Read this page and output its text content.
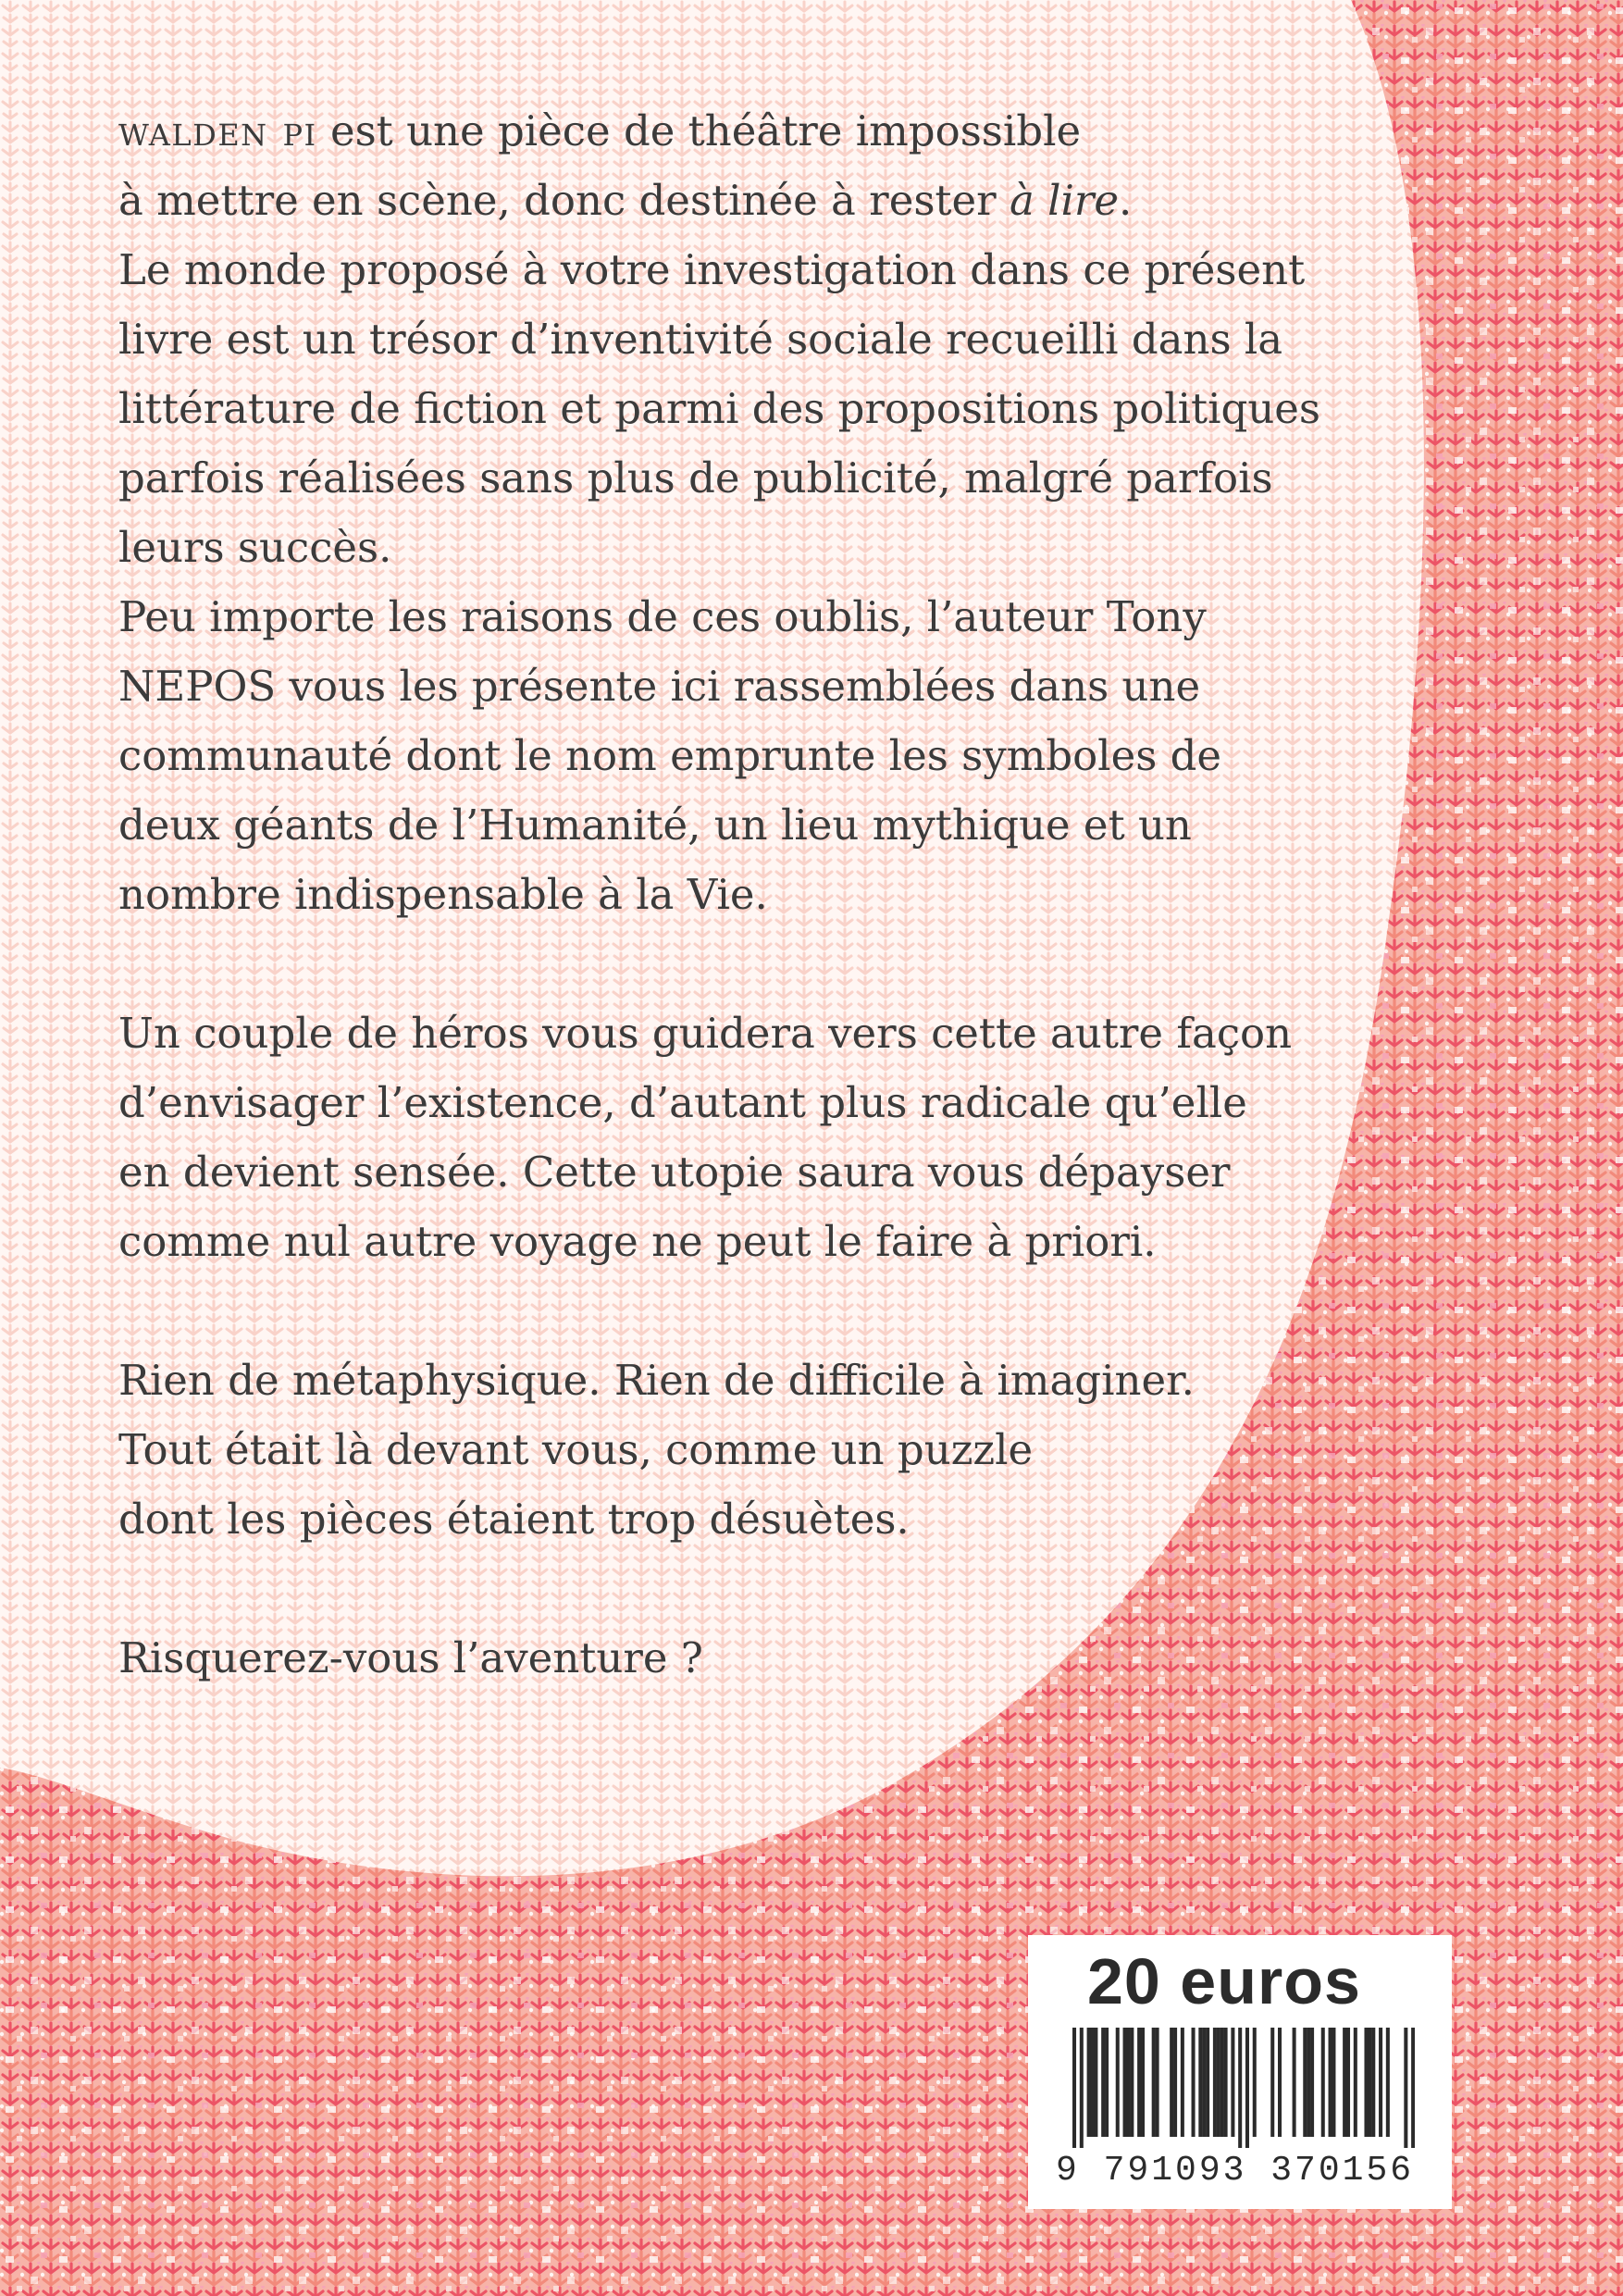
walden pi est une pièce de théâtre impossible
à mettre en scène, donc destinée à rester à lire.
Le monde proposé à votre investigation dans ce présent
livre est un trésor d’inventivité sociale recueilli dans la
littérature de fiction et parmi des propositions politiques
parfois réalisées sans plus de publicité, malgré parfois
leurs succès.
Peu importe les raisons de ces oublis, l’auteur Tony
NEPOS vous les présente ici rassemblées dans une
communauté dont le nom emprunte les symboles de
deux géants de l’Humanité, un lieu mythique et un
nombre indispensable à la Vie.
Un couple de héros vous guidera vers cette autre façon
d’envisager l’existence, d’autant plus radicale qu’elle
en devient sensée. Cette utopie saura vous dépayser
comme nul autre voyage ne peut le faire à priori.
Rien de métaphysique. Rien de difficile à imaginer.
Tout était là devant vous, comme un puzzle
dont les pièces étaient trop désuètes.
Risquerez-vous l’aventure ?
20 euros
9 791093 370156
